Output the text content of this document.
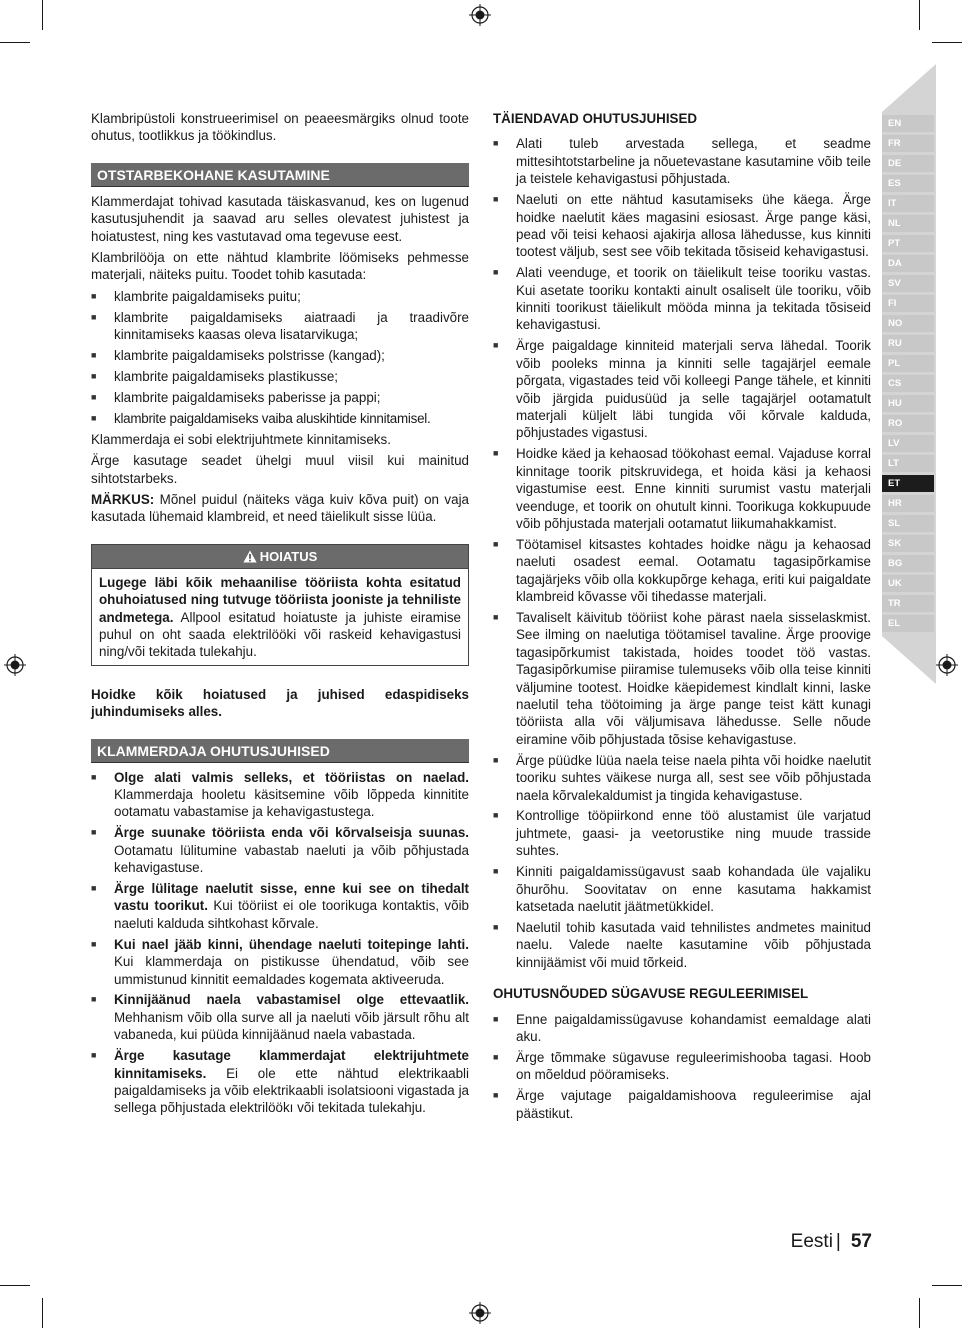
EN
FR
DE
ES
IT
NL
PT
DA
SV
FI
NO
RU
PL
CS
HU
RO
LV
LT
ET
HR
SL
SK
BG
UK
TR
EL
Klambripüstoli konstrueerimisel on peaeesmärgiks olnud toote ohutus, tootlikkus ja töökindlus.
OTSTARBEKOHANE KASUTAMINE
Klammerdajat tohivad kasutada täiskasvanud, kes on lugenud kasutusjuhendit ja saavad aru selles olevatest juhistest ja hoiatustest, ning kes vastutavad oma tegevuse eest.
Klambrilööja on ette nähtud klambrite löömiseks pehmesse materjali, näiteks puitu. Toodet tohib kasutada:
■ klambrite paigaldamiseks puitu;
■ klambrite paigaldamiseks aiatraadi ja traadivõre kinnitamiseks kaasas oleva lisatarvikuga;
■ klambrite paigaldamiseks polstrisse (kangad);
■ klambrite paigaldamiseks plastikusse;
■ klambrite paigaldamiseks paberisse ja pappi;
■ klambrite paigaldamiseks vaiba aluskihtide kinnitamisel.
Klammerdaja ei sobi elektrijuhtmete kinnitamiseks.
Ärge kasutage seadet ühelgi muul viisil kui mainitud sihtotstarbeks.
MÄRKUS: Mõnel puidul (näiteks väga kuiv kõva puit) on vaja kasutada lühemaid klambreid, et need täielikult sisse lüüa.
HOIATUS
Lugege läbi kõik mehaanilise tööriista kohta esitatud ohuhoiatused ning tutvuge tööriista jooniste ja tehniliste andmetega. Allpool esitatud hoiatuste ja juhiste eiramise puhul on oht saada elektrilööki või raskeid kehavigastusi ning/või tekitada tulekahju.
Hoidke kõik hoiatused ja juhised edaspidiseks juhindumiseks alles.
KLAMMERDAJA OHUTUSJUHISED
■ Olge alati valmis selleks, et tööriistas on naelad. Klammerdaja hooletu käsitsemine võib lõppeda kinnitite ootamatu vabastamise ja kehavigastustega.
■ Ärge suunake tööriista enda või kõrvalseisja suunas. Ootamatu lülitumine vabastab naeluti ja võib põhjustada kehavigastuse.
■ Ärge lülitage naelutit sisse, enne kui see on tihedalt vastu toorikut. Kui tööriist ei ole toorikuga kontaktis, võib naeluti kalduda sihtkohast kõrvale.
■ Kui nael jääb kinni, ühendage naeluti toitepinge lahti. Kui klammerdaja on pistikusse ühendatud, võib see ummistunud kinnitit eemaldades kogemata aktiveeruda.
■ Kinnijäänud naela vabastamisel olge ettevaatlik. Mehhanism võib olla surve all ja naeluti võib järsult rõhu alt vabaneda, kui püüda kinnijäänud naela vabastada.
■ Ärge kasutage klammerdajat elektrijuhtmete kinnitamiseks. Ei ole ette nähtud elektrikaabli paigaldamiseks ja võib elektrikaabli isolatsiooni vigastada ja sellega põhjustada elektrilöökı või tekitada tulekahju.
TÄIENDAVAD OHUTUSJUHISED
■ Alati tuleb arvestada sellega, et seadme mittesihtotstarbeline ja nõuetevastane kasutamine võib teile ja teistele kehavigastusi põhjustada.
■ Naeluti on ette nähtud kasutamiseks ühe käega. Ärge hoidke naelutit käes magasini esiosast. Ärge pange käsi, pead või teisi kehaosi ajakirja allosa lähedusse, kus kinniti tootest väljub, sest see võib tekitada tõsiseid kehavigastusi.
■ Alati veenduge, et toorik on täielikult teise tooriku vastas. Kui asetate tooriku kontakti ainult osaliselt üle tooriku, võib kinniti toorikust täielikult mööda minna ja tekitada tõsiseid kehavigastusi.
■ Ärge paigaldage kinniteid materjali serva lähedal. Toorik võib pooleks minna ja kinniti selle tagajärjel eemale põrgata, vigastades teid või kolleegi Pange tähele, et kinniti võib järgida puidusüüd ja selle tagajärjel ootamatult materjali küljelt läbi tungida või kõrvale kalduda, põhjustades vigastusi.
■ Hoidke käed ja kehaosad töökohast eemal. Vajaduse korral kinnitage toorik pitskruvidega, et hoida käsi ja kehaosi vigastumise eest. Enne kinniti surumist vastu materjali veenduge, et toorik on ohutult kinni. Toorikuga kokkupuude võib põhjustada materjali ootamatut liikumahakkamist.
■ Töötamisel kitsastes kohtades hoidke nägu ja kehaosad naeluti osadest eemal. Ootamatu tagasipõrkamise tagajärjeks võib olla kokkupõrge kehaga, eriti kui paigaldate klambreid kõvasse või tihedasse materjali.
■ Tavaliselt käivitub tööriist kohe pärast naela sisselaskmist. See ilming on naelutiga töötamisel tavaline. Ärge proovige tagasipõrkumist takistada, hoides toodet töö vastas. Tagasipõrkumise piiramise tulemuseks võib olla teise kinniti väljumine tootest. Hoidke käepidemest kindlalt kinni, laske naelutil teha töötoiming ja ärge pange teist kätt kunagi tööriista alla või väljumisava lähedusse. Selle nõude eiramine võib põhjustada tõsise kehavigastuse.
■ Ärge püüdke lüüa naela teise naela pihta või hoidke naelutit tooriku suhtes väikese nurga all, sest see võib põhjustada naela kõrvalekaldumist ja tingida kehavigastuse.
■ Kontrollige tööpiirkond enne töö alustamist üle varjatud juhtmete, gaasi- ja veetorustike ning muude trasside suhtes.
■ Kinniti paigaldamissügavust saab kohandada üle vajaliku õhurõhu. Soovitatav on enne kasutama hakkamist katsetada naelutit jäätmetükkidel.
■ Naelutil tohib kasutada vaid tehnilistes andmetes mainitud naelu. Valede naelte kasutamine võib põhjustada kinnijäämist või muid tõrkeid.
OHUTUSNÕUDED SÜGAVUSE REGULEERIMISEL
■ Enne paigaldamissügavuse kohandamist eemaldage alati aku.
■ Ärge tõmmake sügavuse reguleerimishooba tagasi. Hoob on mõeldud pööramiseks.
■ Ärge vajutage paigaldamishoova reguleerimise ajal päästikut.
Eesti | 57
